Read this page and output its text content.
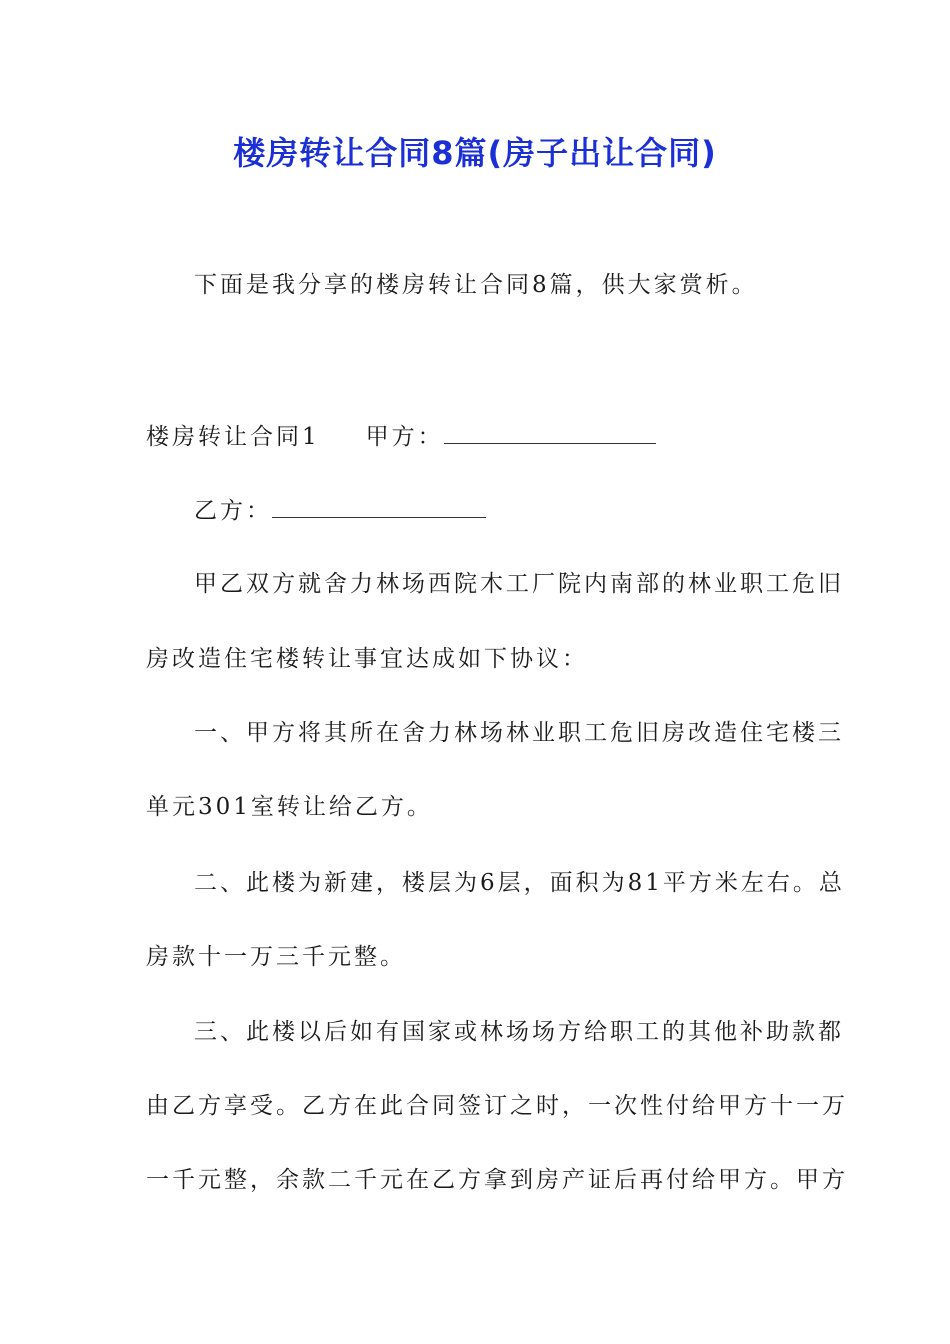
楼房转让合同8篇(房子出让合同)
下面是我分享的楼房转让合同8篇，供大家赏析。
楼房转让合同1 甲方：
乙方：
甲乙双方就舍力林场西院木工厂院内南部的林业职工危旧
房改造住宅楼转让事宜达成如下协议：
一、甲方将其所在舍力林场林业职工危旧房改造住宅楼三
单元301室转让给乙方。
二、此楼为新建，楼层为6层，面积为81平方米左右。总
房款十一万三千元整。
三、此楼以后如有国家或林场场方给职工的其他补助款都
由乙方享受。乙方在此合同签订之时，一次性付给甲方十一万
一千元整，余款二千元在乙方拿到房产证后再付给甲方。甲方
